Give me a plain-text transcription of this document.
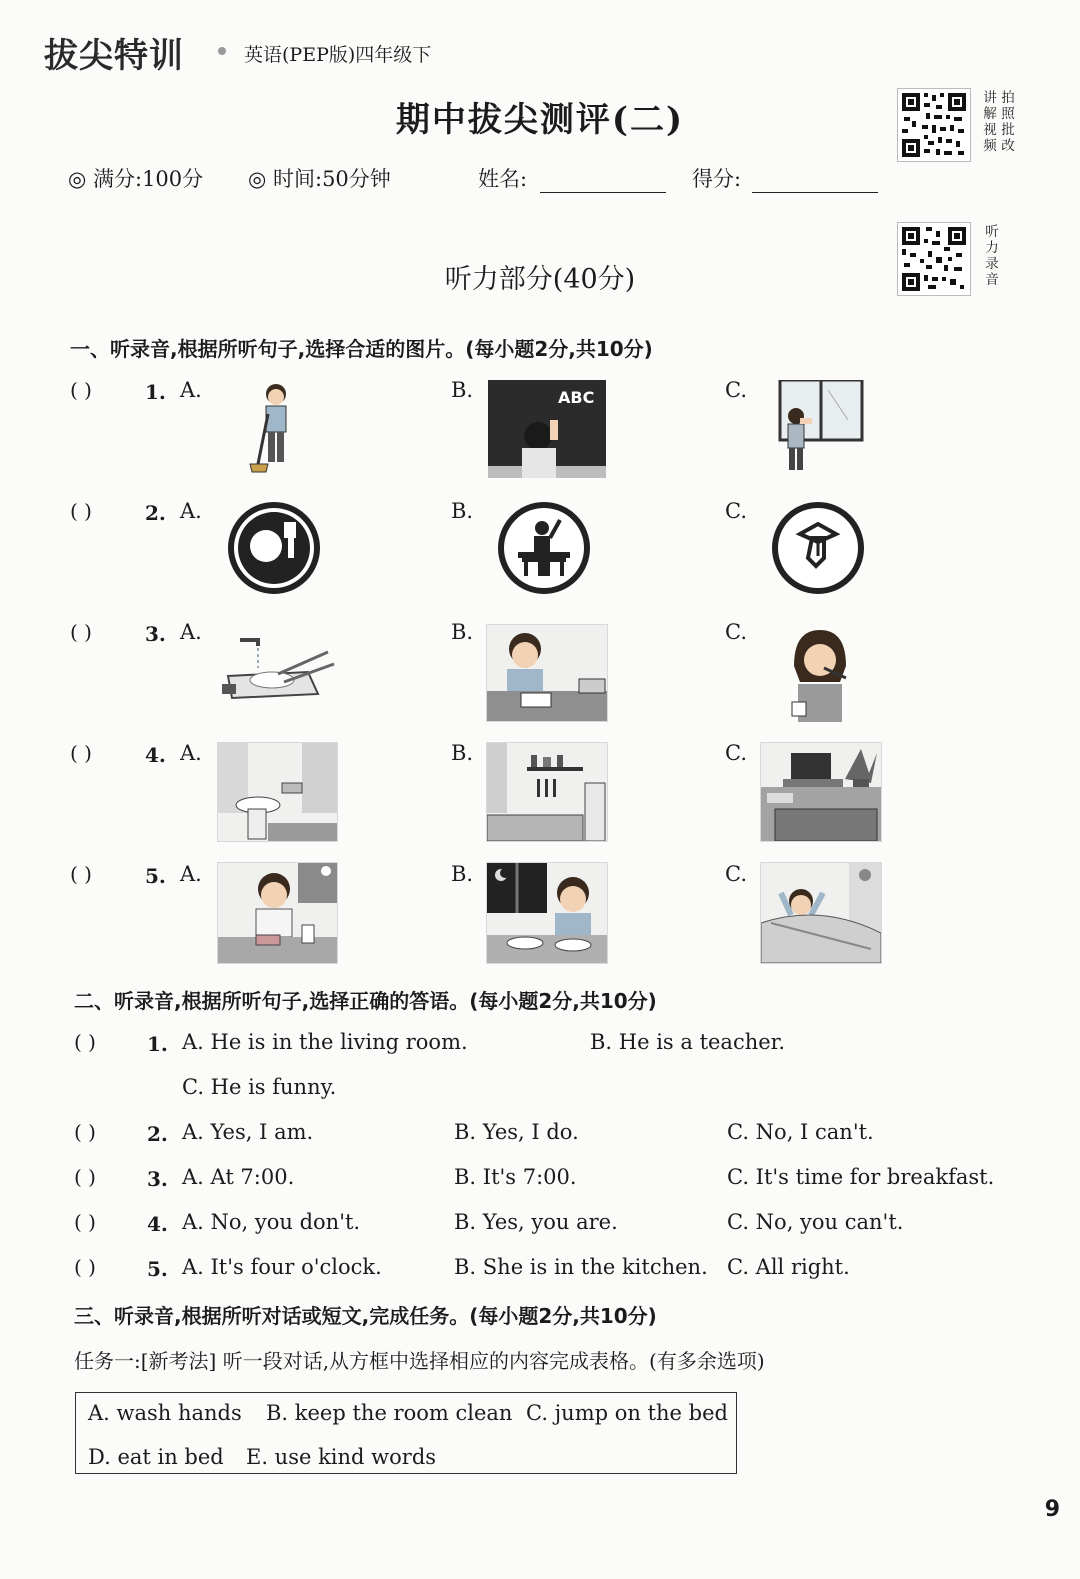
拔尖特训	英语(PEP版)四年级下
期中拔尖测评(二)
◎ 满分:100分 ◎ 时间:50分钟	姓名:	得分:
讲
解
视
频
拍
照
批
改
听
力
录
音
听力部分(40分)
一、听录音,根据所听句子,选择合适的图片。(每小题2分,共10分)
( )	1. A.	B.	ABC	C.
( )	2. A.	B.	C.
( )	3. A.	B.	C.
( )	4. A.	B.	C.
( )	5. A.	B.	C.
二、听录音,根据所听句子,选择正确的答语。(每小题2分,共10分)
( )	1. A. He is in the living room.	B. He is a teacher.
C. He is funny.
( )	2. A. Yes, I am.	B. Yes, I do.	C. No, I can't.
( )	3. A. At 7:00.	B. It's 7:00.	C. It's time for breakfast.
( )	4. A. No, you don't.	B. Yes, you are.	C. No, you can't.
( )	5. A. It's four o'clock.	B. She is in the kitchen. C. All right.
三、听录音,根据所听对话或短文,完成任务。(每小题2分,共10分)
任务一:[新考法] 听一段对话,从方框中选择相应的内容完成表格。(有多余选项)
A. wash hands B. keep the room clean C. jump on the bed
D. eat in bed E. use kind words
9
